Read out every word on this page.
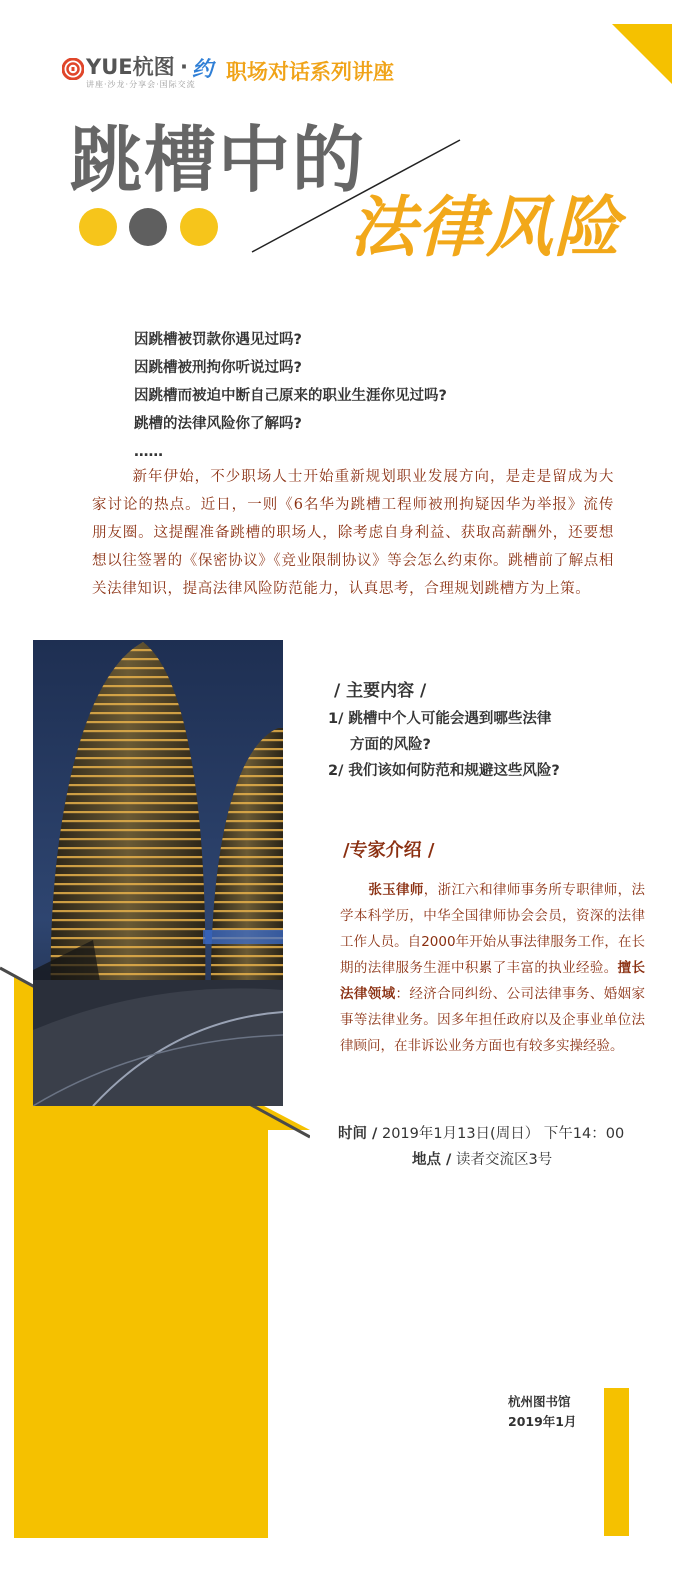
YUE杭图
讲座·沙龙·分享会·国际交流
· 约 职场对话系列讲座
跳槽中的
法律风险
因跳槽被罚款你遇见过吗?
因跳槽被刑拘你听说过吗?
因跳槽而被迫中断自己原来的职业生涯你见过吗?
跳槽的法律风险你了解吗?
……
新年伊始，不少职场人士开始重新规划职业发展方向，是走是留成为大家讨论的热点。近日，一则《6名华为跳槽工程师被刑拘疑因华为举报》流传朋友圈。这提醒准备跳槽的职场人，除考虑自身利益、获取高薪酬外，还要想想以往签署的《保密协议》《竞业限制协议》等会怎么约束你。跳槽前了解点相关法律知识，提高法律风险防范能力，认真思考，合理规划跳槽方为上策。
/ 主要内容 /
1/ 跳槽中个人可能会遇到哪些法律
方面的风险?
2/ 我们该如何防范和规避这些风险?
/专家介绍 /
张玉律师，浙江六和律师事务所专职律师，法学本科学历，中华全国律师协会会员，资深的法律工作人员。自2000年开始从事法律服务工作，在长期的法律服务生涯中积累了丰富的执业经验。擅长法律领域：经济合同纠纷、公司法律事务、婚姻家事等法律业务。因多年担任政府以及企事业单位法律顾问，在非诉讼业务方面也有较多实操经验。
时间 / 2019年1月13日(周日） 下午14：00
地点 / 读者交流区3号
杭州图书馆
2019年1月
